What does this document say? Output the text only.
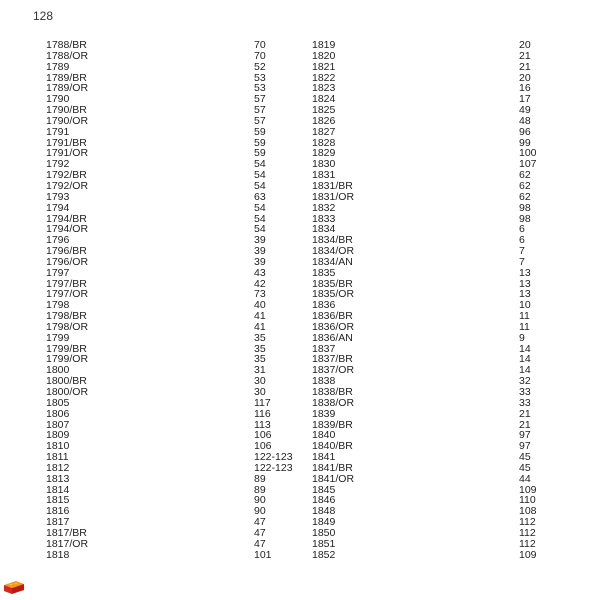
128
1788/BR
1788/OR
1789
1789/BR
1789/OR
1790
1790/BR
1790/OR
1791
1791/BR
1791/OR
1792
1792/BR
1792/OR
1793
1794
1794/BR
1794/OR
1796
1796/BR
1796/OR
1797
1797/BR
1797/OR
1798
1798/BR
1798/OR
1799
1799/BR
1799/OR
1800
1800/BR
1800/OR
1805
1806
1807
1809
1810
1811
1812
1813
1814
1815
1816
1817
1817/BR
1817/OR
1818
70
70
52
53
53
57
57
57
59
59
59
54
54
54
63
54
54
54
39
39
39
43
42
73
40
41
41
35
35
35
31
30
30
117
116
113
106
106
122-123
122-123
89
89
90
90
47
47
47
101
1819
1820
1821
1822
1823
1824
1825
1826
1827
1828
1829
1830
1831
1831/BR
1831/OR
1832
1833
1834
1834/BR
1834/OR
1834/AN
1835
1835/BR
1835/OR
1836
1836/BR
1836/OR
1836/AN
1837
1837/BR
1837/OR
1838
1838/BR
1838/OR
1839
1839/BR
1840
1840/BR
1841
1841/BR
1841/OR
1845
1846
1848
1849
1850
1851
1852
20
21
21
20
16
17
49
48
96
99
100
107
62
62
62
98
98
6
6
7
7
13
13
13
10
11
11
9
14
14
14
32
33
33
21
21
97
97
45
45
44
109
110
108
112
112
112
109
